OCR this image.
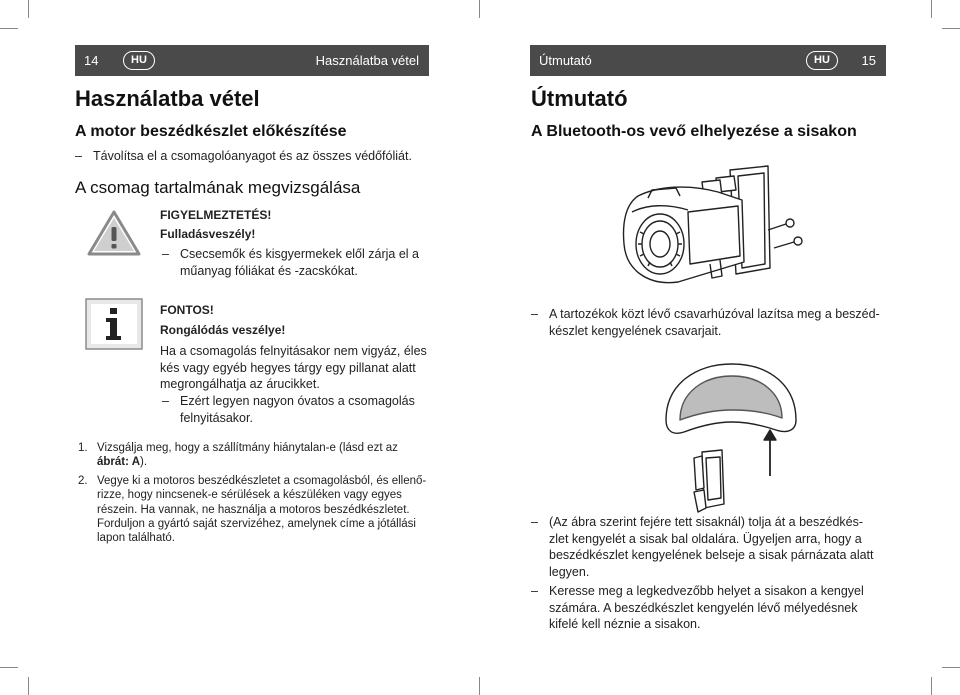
14	HU	Használatba vétel
Használatba vétel
A motor beszédkészlet előkészítése
– Távolítsa el a csomagolóanyagot és az összes védőfóliát.
A csomag tartalmának megvizsgálása
FIGYELMEZTETÉS!
Fulladásveszély!
– Csecsemők és kisgyermekek elől zárja el a
műanyag fóliákat és -zacskókat.
FONTOS!
Rongálódás veszélye!
Ha a csomagolás felnyitásakor nem vigyáz, éles
kés vagy egyéb hegyes tárgy egy pillanat alatt
megrongálhatja az árucikket.
– Ezért legyen nagyon óvatos a csomagolás
felnyitásakor.
1. Vizsgálja meg, hogy a szállítmány hiánytalan-e (lásd ezt az
ábrát: A).
2. Vegye ki a motoros beszédkészletet a csomagolásból, és ellenő-
rizze, hogy nincsenek-e sérülések a készüléken vagy egyes
részein. Ha vannak, ne használja a motoros beszédkészletet.
Forduljon a gyártó saját szervizéhez, amelynek címe a jótállási
lapon található.
Útmutató	HU	15
Útmutató
A Bluetooth-os vevő elhelyezése a sisakon
– A tartozékok közt lévő csavarhúzóval lazítsa meg a beszéd-
készlet kengyelének csavarjait.
– (Az ábra szerint fejére tett sisaknál) tolja át a beszédkés-
zlet kengyelét a sisak bal oldalára. Ügyeljen arra, hogy a
beszédkészlet kengyelének belseje a sisak párnázata alatt
legyen.
– Keresse meg a legkedvezőbb helyet a sisakon a kengyel
számára. A beszédkészlet kengyelén lévő mélyedésnek
kifelé kell néznie a sisakon.
